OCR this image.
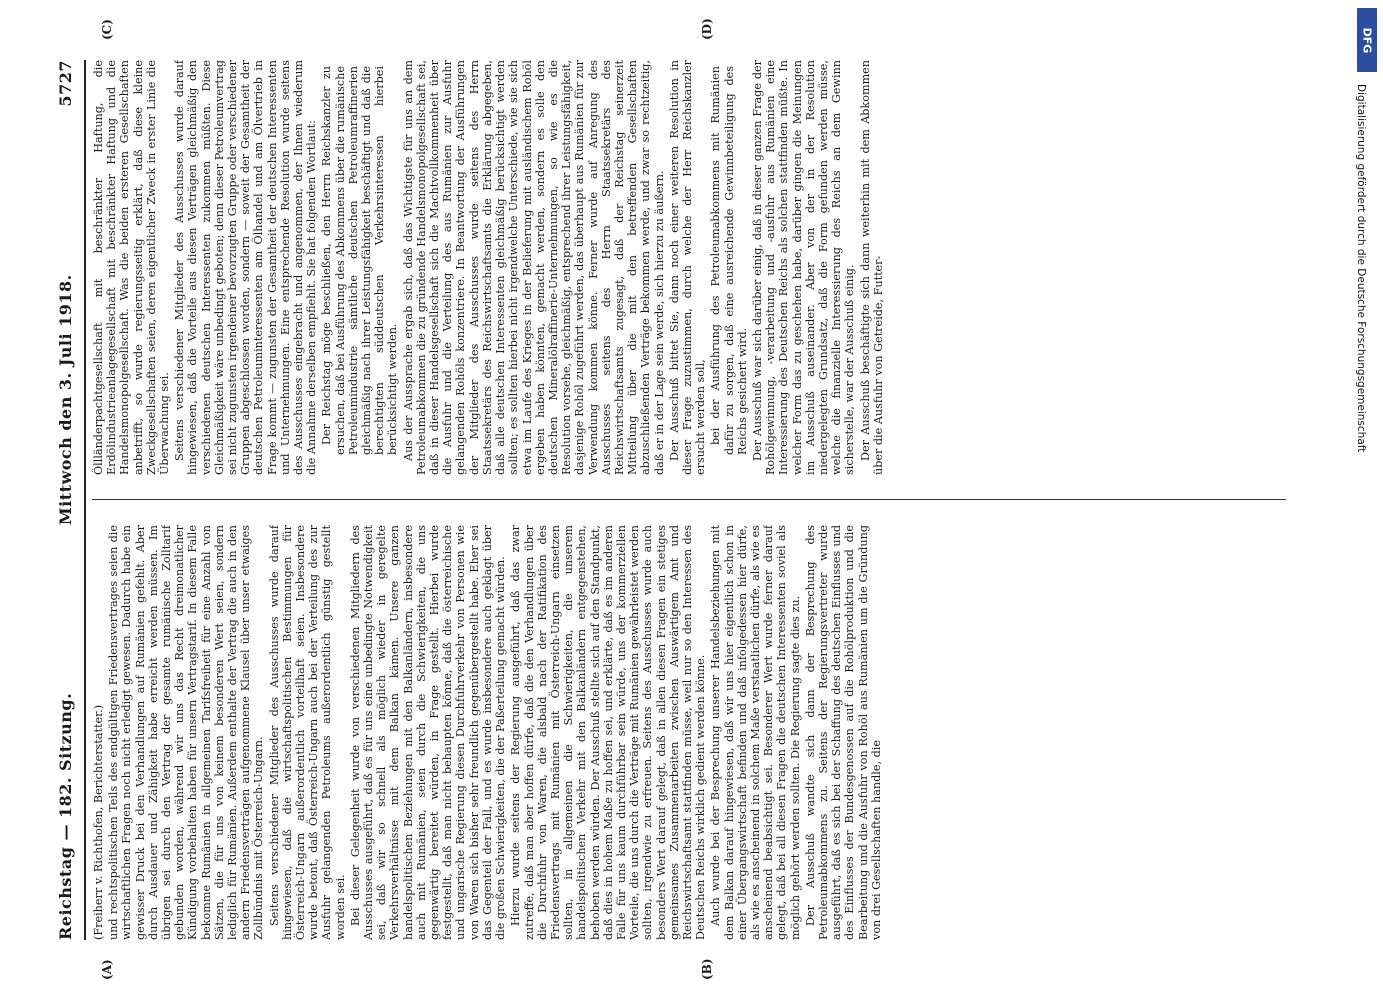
Reichstag — 182. Sitzung.
Mittwoch den 3. Juli 1918.
5727
(A)	(B)
(C)	(D)

(Freiherr v. Richthofen, Berichterstatter.) und rechtspolitischen Teils des endgültigen Friedensvertrages seien die wirtschaftlichen Fragen noch nicht erledigt gewesen. Dadurch habe ein gewisser Druck bei den Verhandlungen auf Rumänien gefehlt. Aber durch Ausdauer und Zähigkeit habe erreicht werden müssen. Im übrigen sei durch den Vertrag der gesamte rumänische Zolltarif gebunden worden, während wir uns das Recht dreimonatlicher Kündigung vorbehalten haben für unsern Vertragstarif. In diesem Falle bekomme Rumänien in allgemeinen Tarifsfreiheit für eine Anzahl von Sätzen, die für uns von keinem besonderen Wert seien, sondern lediglich für Rumänien. Außerdem enthalte der Vertrag die auch in den andern Friedensverträgen aufgenommene Klausel über unser etwaiges Zollbündnis mit Österreich-Ungarn. Seitens verschiedener Mitglieder des Ausschusses wurde darauf hingewiesen, daß die wirtschaftspolitischen Bestimmungen für Österreich-Ungarn außerordentlich vorteilhaft seien. Insbesondere wurde betont, daß Österreich-Ungarn auch bei der Verteilung des zur Ausfuhr gelangenden Petroleums außerordentlich günstig gestellt worden sei. Bei dieser Gelegenheit wurde von verschiedenen Mitgliedern des Ausschusses ausgeführt, daß es für uns eine unbedingte Notwendigkeit sei, daß wir so schnell als möglich wieder in geregelte Verkehrsverhältnisse mit dem Balkan kämen. Unsere ganzen handelspolitischen Beziehungen mit den Balkanländern, insbesondere auch mit Rumänien, seien durch die Schwierigkeiten, die uns gegenwärtig bereitet würden, in Frage gestellt. Hierbei wurde festgestellt, daß man nicht behaupten könne, daß die österreichische und ungarische Regierung diesen Durchfuhrverkehr von Personen wie von Waren sich bisher sehr freundlich gegenübergestellt habe. Eher sei das Gegenteil der Fall, und es wurde insbesondere auch geklagt über die großen Schwierigkeiten, die der Paßerteilung gemacht würden. Hierzu wurde seitens der Regierung ausgeführt, daß das zwar zutreffe, daß man aber hoffen dürfe, daß die den Verhandlungen über die Durchfuhr von Waren, die alsbald nach der Ratifikation des Friedensvertrags mit Rumänien mit Österreich-Ungarn einsetzen sollten, in allgemeinen die Schwierigkeiten, die unserem handelspolitischen Verkehr mit den Balkanländern entgegenstehen, behoben werden würden. Der Ausschuß stellte sich auf den Standpunkt, daß dies in hohem Maße zu hoffen sei, und erklärte, daß es im anderen Falle für uns kaum durchführbar sein würde, uns der kommerziellen Vorteile, die uns durch die Verträge mit Rumänien gewährleistet werden sollten, irgendwie zu erfreuen. Seitens des Ausschusses wurde auch besonders Wert darauf gelegt, daß in allen diesen Fragen ein stetiges gemeinsames Zusammenarbeiten zwischen Auswärtigem Amt und Reichswirtschaftsamt stattfinden müsse, weil nur so den Interessen des Deutschen Reichs wirklich gedient werden könne. Auch wurde bei der Besprechung unserer Handelsbeziehungen mit dem Balkan darauf hingewiesen, daß wir uns hier eigentlich schon in einer Übergangswirtschaft befinden und daß infolgedessen hier dürfe, als wie es anscheinend in solchem Maße verstaatlichen dürfe, als wie es anscheinend beabsichtigt sei. Besonderer Wert wurde ferner darauf gelegt, daß bei all diesen Fragen die deutschen Interessenten soviel als möglich gehört werden sollten. Die Regierung sagte dies zu. Der Ausschuß wandte sich dann der Besprechung des Petroleumabkommens zu. Seitens der Regierungsvertreter wurde ausgeführt, daß es sich bei der Schaffung des deutschen Einflusses und des Einflusses der Bundesgenossen auf die Rohölproduktion und die Bearbeitung und die Ausfuhr von Rohöl aus Rumänien um die Gründung von drei Gesellschaften handle, die

Öllländerpachtgesellschaft mit beschränkter Haftung, die Erdölindustrieanlagegesellschaft mit beschränkter Haftung und die Handelsmonopolgesellschaft. Was die beiden ersteren Gesellschaften anbetrifft, so wurde regierungsseitig erklärt, daß diese kleine Zweckgesellschaften seien, deren eigentlicher Zweck in erster Linie die Überwachung sei. Seitens verschiedener Mitglieder des Ausschusses wurde darauf hingewiesen, daß die Vorteile aus diesen Verträgen gleichmäßig den verschiedenen deutschen Interessenten zukommen müßten. Diese Gleichmäßigkeit wäre unbedingt geboten; denn dieser Petroleumvertrag sei nicht zugunsten irgendeiner bevorzugten Gruppe oder verschiedener Gruppen abgeschlossen worden, sondern — soweit der Gesamtheit der deutschen Petroleuminteressenten am Ölhandel und am Ölvertrieb in Frage kommt — zugunsten der Gesamtheit der deutschen Interessenten und Unternehmungen. Eine entsprechende Resolution wurde seitens des Ausschusses eingebracht und angenommen, der Ihnen wiederum die Annahme derselben empfiehlt. Sie hat folgenden Wortlaut: Der Reichstag möge beschließen, den Herrn Reichskanzler zu ersuchen, daß bei Ausführung des Abkommens über die rumänische Petroleumindustrie sämtliche deutschen Petroleumraffinerien gleichmäßig nach ihrer Leistungsfähigkeit beschäftigt und daß die berechtigten süddeutschen Verkehrsinteressen hierbei berücksichtigt werden. Aus der Aussprache ergab sich, daß das Wichtigste für uns an dem Petroleumabkommen die zu gründende Handelsmonopolgesellschaft sei, daß in dieser Handelsgesellschaft sich die Machtvollkommenheit über die Ausfuhr und die Verteilung des aus Rumänien zur Ausfuhr gelangenden Rohöls konzentriere. In Beantwortung der Ausführungen der Mitglieder des Ausschusses wurde seitens des Herrn Staatssekretärs des Reichswirtschaftsamts die Erklärung abgegeben, daß alle deutschen Interessenten gleichmäßig berücksichtigt werden sollten; es sollten hierbei nicht irgendwelche Unterschiede, wie sie sich etwa im Laufe des Krieges in der Belieferung mit ausländischem Rohöl ergeben haben könnten, gemacht werden, sondern es solle den deutschen Mineralölraffinerie-Unternehmungen, so wie es die Resolution vorsehe, gleichmäßig, entsprechend ihrer Leistungsfähigkeit, dasjenige Rohöl zugeführt werden, das überhaupt aus Rumänien für zur Verwendung kommen könne. Ferner wurde auf Anregung des Ausschusses seitens des Herrn Staatssekretärs des Reichswirtschaftsamts zugesagt, daß der Reichstag seinerzeit Mitteilung über die mit den betreffenden Gesellschaften abzuschließenden Verträge bekommen werde, und zwar so rechtzeitig, daß er in der Lage sein werde, sich hierzu zu äußern. Der Ausschuß bittet Sie, dann noch einer weiteren Resolution in dieser Frage zuzustimmen, durch welche der Herr Reichskanzler ersucht werden soll, bei der Ausführung des Petroleumabkommens mit Rumänien dafür zu sorgen, daß eine ausreichende Gewinnbeteiligung des Reichs gesichert wird. Der Ausschuß war sich darüber einig, daß in dieser ganzen Frage der Rohölgewinnung, -verarbeitung und -ausfuhr aus Rumänien eine Interessierung des Deutschen Reichs als solchen stattfinden müßte. In welcher Form das zu geschehen habe, darüber gingen die Meinungen im Ausschuß auseinander. Aber von der in der Resolution niedergelegten Grundsatz, daß die Form gefunden werden müsse, welche die finanzielle Interessierung des Reichs an dem Gewinn sicherstelle, war der Ausschuß einig. Der Ausschuß beschäftigte sich dann weiterhin mit dem Abkommen über die Ausfuhr von Getreide, Futter-

DFG
Digitalisierung gefördert durch die Deutsche Forschungsgemeinschaft
